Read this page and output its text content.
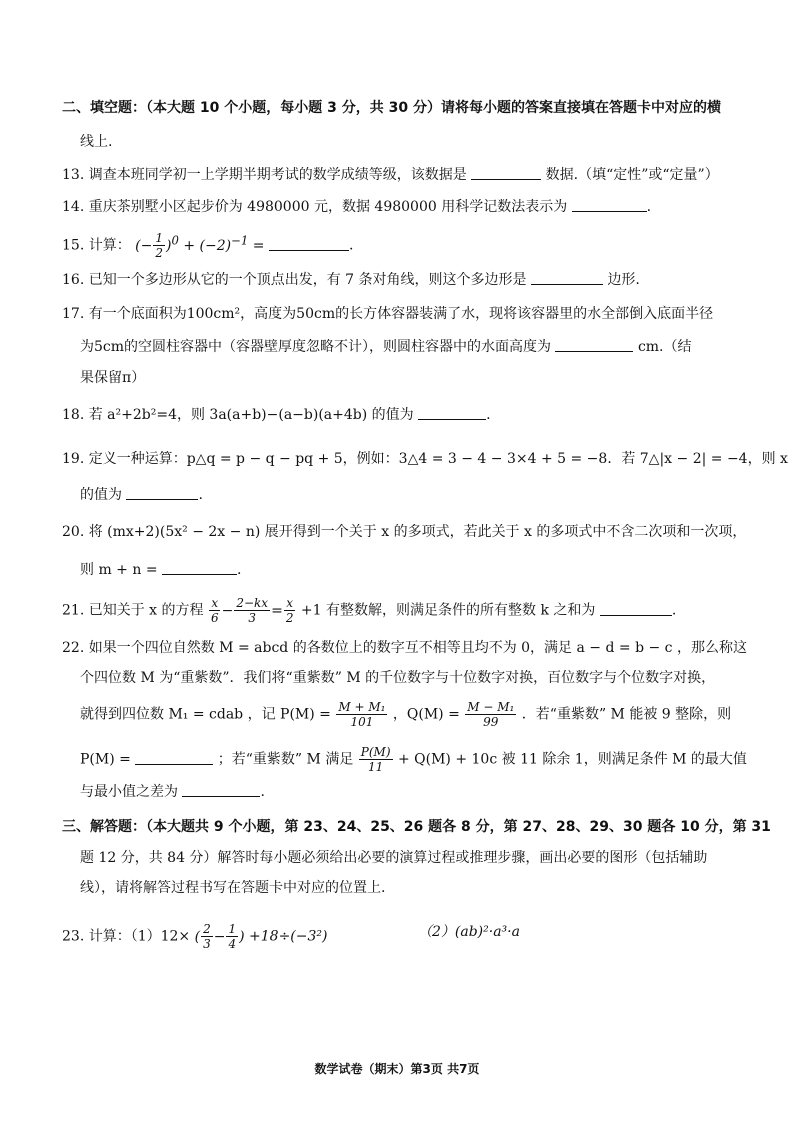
二、填空题：（本大题 10 个小题，每小题 3 分，共 30 分）请将每小题的答案直接填在答题卡中对应的横
线上.
13. 调查本班同学初一上学期半期考试的数学成绩等级，该数据是	数据.（填“定性”或“定量”）
14. 重庆茶别墅小区起步价为 4980000 元，数据 4980000 用科学记数法表示为	.
15. 计算： (− $\frac{1}{2} )^0 + (-2)^{-1}$ =	.
16. 已知一个多边形从它的一个顶点出发，有 7 条对角线，则这个多边形是	边形.
17. 有一个底面积为100cm²，高度为50cm的长方体容器装满了水，现将该容器里的水全部倒入底面半径
为5cm的空圆柱容器中（容器壁厚度忽略不计），则圆柱容器中的水面高度为	cm.（结
果保留π）
18. 若 a²+2b²=4，则 3a(a+b)−(a−b)(a+4b) 的值为	.
19. 定义一种运算：p△q = p − q − pq + 5，例如：3△4 = 3 − 4 − 3×4 + 5 = −8．若 7△|x − 2| = −4，则 x
的值为	.
20. 将 (mx+2)(5x² − 2x − n) 展开得到一个关于 x 的多项式，若此关于 x 的多项式中不含二次项和一次项，
则 m + n =	.
21. 已知关于 x 的方程 $\frac{x}{6} - \frac{2-kx}{3} = \frac{x}{2} +1$ 有整数解，则满足条件的所有整数 k 之和为	.
22. 如果一个四位自然数 M = abcd 的各数位上的数字互不相等且均不为 0，满足 a − d = b − c ，那么称这
个四位数 M 为“重紫数”．我们将“重紫数” M 的千位数字与十位数字对换，百位数字与个位数字对换，
就得到四位数 M₁ = cdab ，记 $P(M) = \frac{\text{M + M₁}}{101}$ ，$Q(M) = \frac{\text{M − M₁}}{99}$ ．若“重紫数” M 能被 9 整除，则
P(M) =	；若“重紫数” M 满足 $\frac{P(M)}{11} + Q(M) + 10c$ 被 11 除余 1，则满足条件 M 的最大值
与最小值之差为	.
三、解答题：（本大题共 9 个小题，第 23、24、25、26 题各 8 分，第 27、28、29、30 题各 10 分，第 31
题 12 分，共 84 分）解答时每小题必须给出必要的演算过程或推理步骤，画出必要的图形（包括辅助
线），请将解答过程书写在答题卡中对应的位置上.
23. 计算：（1）12× ( $\frac{2}{3} - \frac{1}{4}$ ) +18÷(−3²)	（2）(ab)²·a³·a
数学试卷（期末）第3页 共7页
